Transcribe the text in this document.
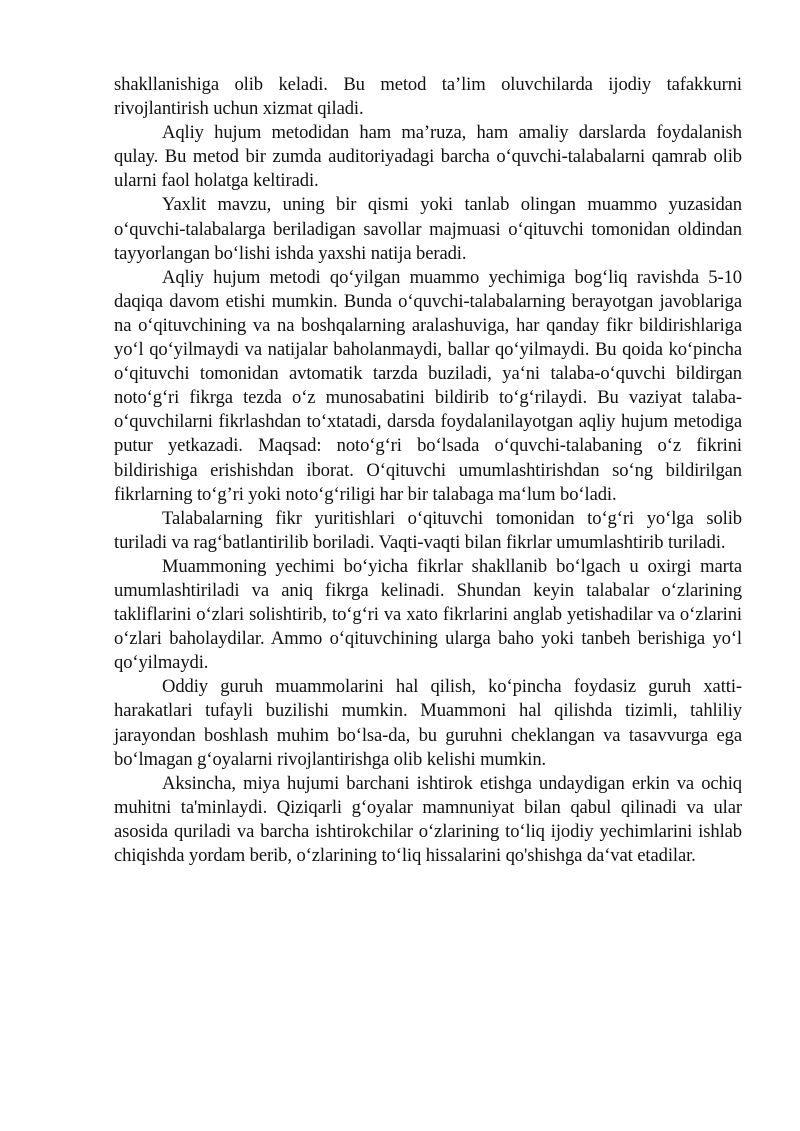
shakllanishiga olib keladi. Bu metod ta’lim oluvchilarda ijodiy tafakkurni rivojlantirish uchun xizmat qiladi.

Aqliy hujum metodidan ham ma’ruza, ham amaliy darslarda foydalanish qulay. Bu metod bir zumda auditoriyadagi barcha o‘quvchi-talabalarni qamrab olib ularni faol holatga keltiradi.

Yaxlit mavzu, uning bir qismi yoki tanlab olingan muammo yuzasidan o‘quvchi-talabalarga beriladigan savollar majmuasi o‘qituvchi tomonidan oldindan tayyorlangan bo‘lishi ishda yaxshi natija beradi.

Aqliy hujum metodi qo‘yilgan muammo yechimiga bog‘liq ravishda 5-10 daqiqa davom etishi mumkin. Bunda o‘quvchi-talabalarning berayotgan javoblariga na o‘qituvchining va na boshqalarning aralashuviga, har qanday fikr bildirishlariga yo‘l qo‘yilmaydi va natijalar baholanmaydi, ballar qo‘yilmaydi. Bu qoida ko‘pincha o‘qituvchi tomonidan avtomatik tarzda buziladi, ya‘ni talaba-o‘quvchi bildirgan noto‘g‘ri fikrga tezda o‘z munosabatini bildirib to‘g‘rilaydi. Bu vaziyat talaba-o‘quvchilarni fikrlashdan to‘xtatadi, darsda foydalanilayotgan aqliy hujum metodiga putur yetkazadi. Maqsad: noto‘g‘ri bo‘lsada o‘quvchi-talabaning o‘z fikrini bildirishiga erishishdan iborat. O‘qituvchi umumlashtirishdan so‘ng bildirilgan fikrlarning to‘g’ri yoki noto‘g‘riligi har bir talabaga ma‘lum bo‘ladi.

Talabalarning fikr yuritishlari o‘qituvchi tomonidan to‘g‘ri yo‘lga solib turiladi va rag‘batlantirilib boriladi. Vaqti-vaqti bilan fikrlar umumlashtirib turiladi.

Muammoning yechimi bo‘yicha fikrlar shakllanib bo‘lgach u oxirgi marta umumlashtiriladi va aniq fikrga kelinadi. Shundan keyin talabalar o‘zlarining takliflarini o‘zlari solishtirib, to‘g‘ri va xato fikrlarini anglab yetishadilar va o‘zlarini o‘zlari baholaydilar. Ammo o‘qituvchining ularga baho yoki tanbeh berishiga yo‘l qo‘yilmaydi.

Oddiy guruh muammolarini hal qilish, ko‘pincha foydasiz guruh xatti-harakatlari tufayli buzilishi mumkin. Muammoni hal qilishda tizimli, tahliliy jarayondan boshlash muhim bo‘lsa-da, bu guruhni cheklangan va tasavvurga ega boʻlmagan g‘oyalarni rivojlantirishga olib kelishi mumkin.

Aksincha, miya hujumi barchani ishtirok etishga undaydigan erkin va ochiq muhitni ta'minlaydi. Qiziqarli g‘oyalar mamnuniyat bilan qabul qilinadi va ular asosida quriladi va barcha ishtirokchilar o‘zlarining to‘liq ijodiy yechimlarini ishlab chiqishda yordam berib, o‘zlarining to‘liq hissalarini qo'shishga da‘vat etadilar.
